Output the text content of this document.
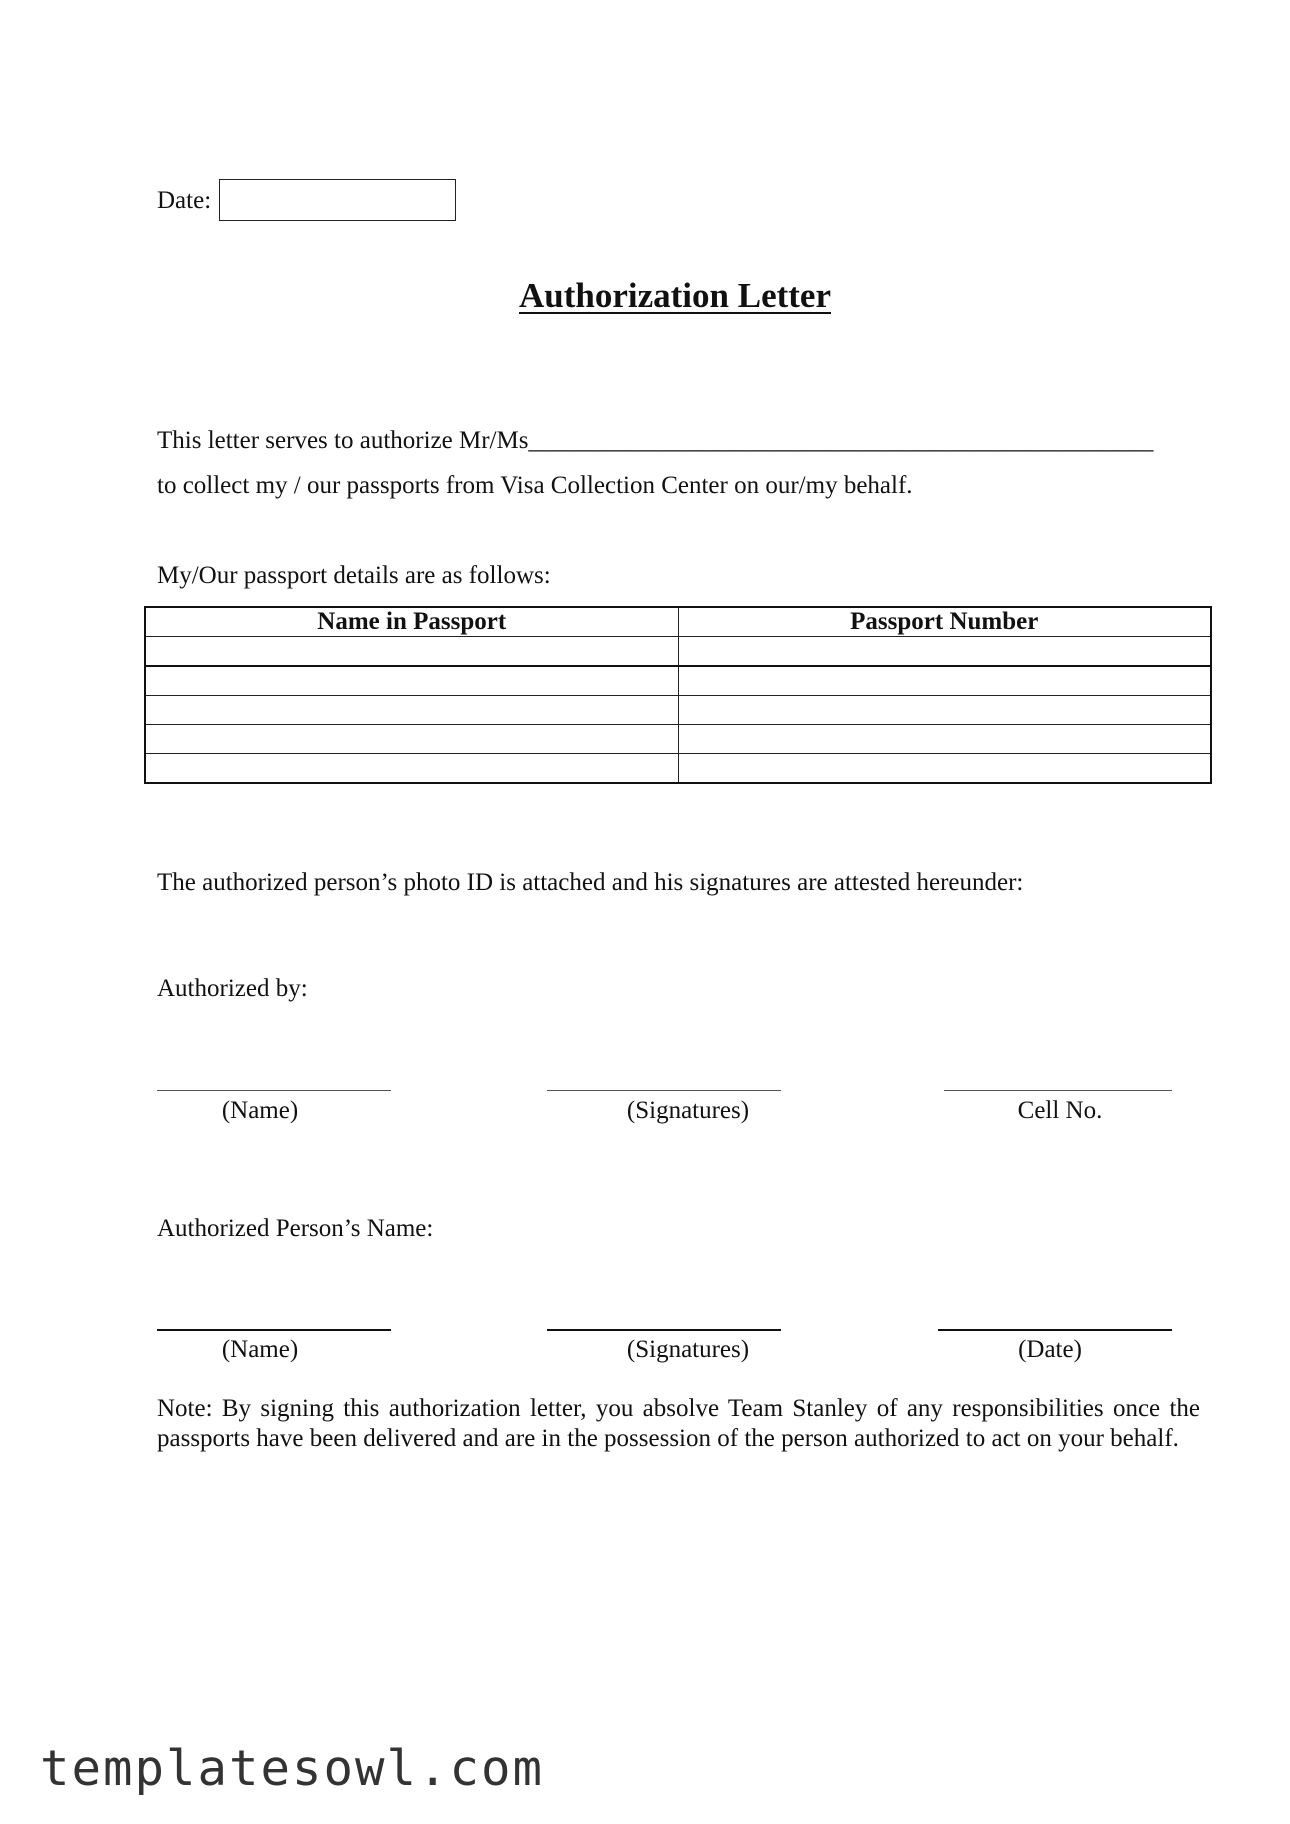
Date:
Authorization Letter
This letter serves to authorize Mr/Ms__________________________________________________
to collect my / our passports from Visa Collection Center on our/my behalf.
My/Our passport details are as follows:
Name in Passport	Passport Number

The authorized person’s photo ID is attached and his signatures are attested hereunder:
Authorized by:
(Name)	(Signatures)	Cell No.
Authorized Person’s Name:
(Name)	(Signatures)	(Date)
Note: By signing this authorization letter, you absolve Team Stanley of any responsibilities once the passports have been delivered and are in the possession of the person authorized to act on your behalf.
templatesowl.com
